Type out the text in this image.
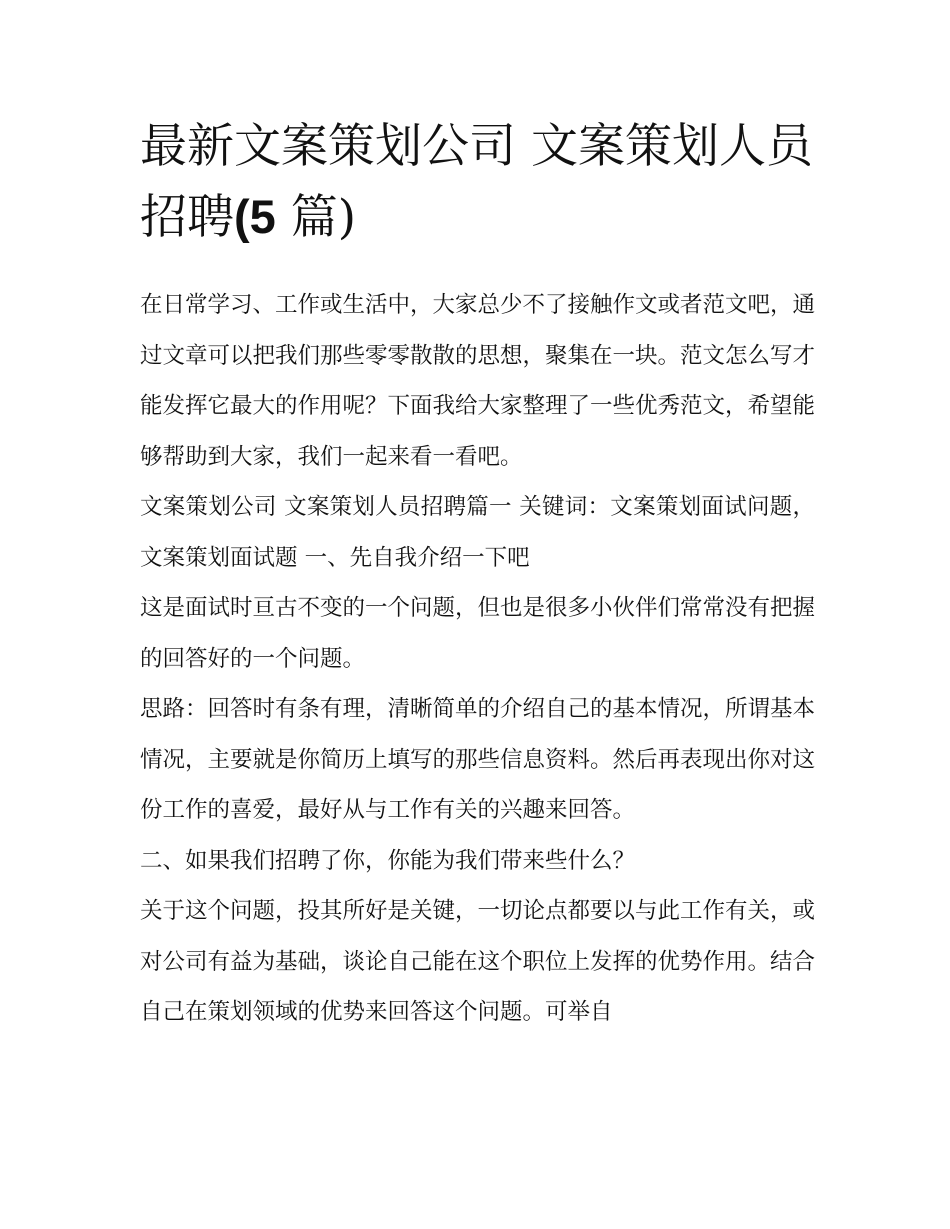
最新文案策划公司 文案策划人员招聘(5 篇)

在日常学习、工作或生活中，大家总少不了接触作文或者范文吧，通过文章可以把我们那些零零散散的思想，聚集在一块。范文怎么写才能发挥它最大的作用呢？下面我给大家整理了一些优秀范文，希望能够帮助到大家，我们一起来看一看吧。

文案策划公司 文案策划人员招聘篇一 关键词：文案策划面试问题，文案策划面试题 一、先自我介绍一下吧

这是面试时亘古不变的一个问题，但也是很多小伙伴们常常没有把握的回答好的一个问题。

思路：回答时有条有理，清晰简单的介绍自己的基本情况，所谓基本情况，主要就是你简历上填写的那些信息资料。然后再表现出你对这份工作的喜爱，最好从与工作有关的兴趣来回答。

二、如果我们招聘了你，你能为我们带来些什么？

关于这个问题，投其所好是关键，一切论点都要以与此工作有关，或对公司有益为基础，谈论自己能在这个职位上发挥的优势作用。结合自己在策划领域的优势来回答这个问题。可举自
